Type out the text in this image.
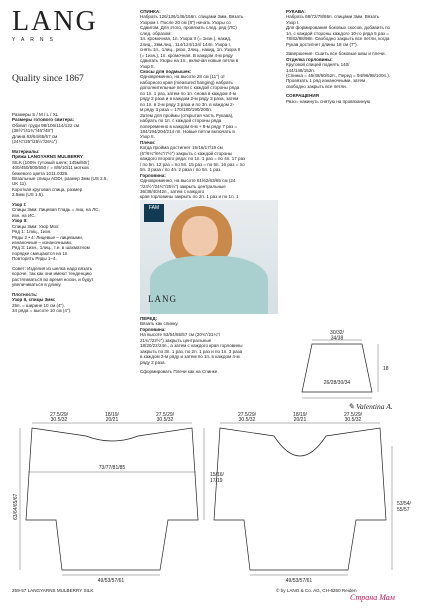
LANG
YARNS
Quality since 1867
Размеры S / M / L / XL
Размеры готового свитера:
Обхват груди 98/106/114/122 см
(38½"/41¾"/45"/48")
Длина 63/64/65/67 см
(24¾"/25"/25½"/26¼")
Материалы:
Пряжа LANGYARNS MULBERRY
SILK (100% тутовый шелк; 145м/50г)
400/450/500/550 г = 8/9/10/11 мотков
бежевого цвета 1011.0326.
Вязальные спицы ADDI, размер 3мм (US 2.5,
UK 11).
Короткая круговая спица, размер
2.5мм (US 1.5).
Узор I:
Спицы 3мм: Лицевая Гладь = лиц. на ЛС,
изн. на ИС.
Узор II:
Спицы 3мм: Узор Мох:
Ряд 1: 1лиц., 1изн.
Ряды 2 • 4: Лицевые – лицевыми,
изнаночные – изнаночными.
Ряд 3: 1изн., 1лиц., т.е. в шахматном
порядке смещаются на 1п.
Повторять Ряды 1–4.
Совет: Изделия из шелка надо вязать
короче, так как они имеют тенденцию
растягиваться во время носки, и будут
увеличиваться в длину.
Плотность:
Узор II, спицы 3мм:
25п. = ширине 10 см (4").
34 ряда = высоте 10 см (4").
СПИНКА:
Набрать 126/136/146/156п. спицами 3мм. Вязать
Узором I. После 20 см (8") начать Узоры со
Сдвигом. Для этого, провязать след. ряд (ЛС)
след. образом:
1п. кромочная, 1п. Узора II (= 1изн.), накид,
2лиц., 2вм.лиц., 114/124/134/ 144п. Узора I,
снять 1п., 1лиц., рвзо, 2лиц., накид, 1п. Узора II
(= 1изн.), 1п. кромочная. В каждом 4-м ряду
сдвигать Узоры на 1п., включая новые петли в
Узор II.
Скосы для подмышек:
Одновременно, на высоте 28 см (11") от
наборного края (measured hanging) набрать
дополнительные петли с каждой стороны ряда
по 1п. 1 раз, затем по 1п. снова в каждом 4-м
ряду 2 раза и в каждом 2-м ряду 3 раза, затем
по 1п. в 2-м ряду 3 раза и по 3п. в каждом 2-
м ряду 3 раза = 170/180/190/200п.
Затем для проймы (открытая часть Рукава),
набрать по 1п. с каждой стороны ряда
попеременно в каждом 6-м + 8-м ряду 7 раз =
184/194/204/214 пп. Новые петли включать в
Узор II.
Плечи:
Когда пройма достигнет 15/16/17/19 см
(6"/6¼"/6¾"/7½") закрыть с каждой стороны
каждого второго ряда: по 1п. 1 раз = по 4п. 17 раз
/ по 5п. 12 раз = по 5п. 15 раз = по 5п. 16 раз = по
5п. 3 раза / по 4п. 2 раза / по 5п. 1 раз.
Горловина:
Одновременно, на высоте 61/62/63/65 см (24
"/24½"/24¾"/25½") закрыть центральные
36/38/40/42п., затем с каждого
края горловины закрыть по 2п. 1 раз и по 1п. 1
ПЕРЕД:
Вязать как спинку.
Горловина:
На высоте 53/54/55/57 см (20¾"/21¼"/
21¾"/22½") закрыть центральные
18/20/22/24п., а затем с каждого края горловины
закрыть по 3п. 1 раз, по 2п. 1 раз и по 1п. 3 раза
в каждом 2-м ряду и затем по 1п. в каждом 4-м
ряду 2 раза.
Сформировать Плечи как на Спинке.
РУКАВА:
Набрать 68/72/78/86п. спицами 3мм. Вязать
Узор I.
Для формирования боковых скосов, добавить по
1п. с каждой стороны каждого 10-го ряда 5 раз =
78/82/88/98п. Свободно закрыть все петли, когда
Рукав достигнет длины 18 см (7").
Завершение: Сшить все боковые швы и плечи.
Отделка горловины:
Круговой спицей поднять 140/
144/148/152п.
(Спинка = 46/48/50/52п., Перед = 94/96/98/100п.).
Провязать 1 ряд изнаночными, затем
свободно закрыть все петли.
СОКРАЩЕНИЯ
Рвзо= накинуть снятую на провязанную
FAM
LANG
✎ Valentina A.
30/32/
34/38
26/28/30/34
18
27.5/29/
30.5/32
18/19/
20/21
27.5/29/
30.5/32
73/77/81/85
49/53/57/61
15/16/
17/19
63/64/65/67
27.5/29/
30.5/32
18/19/
20/21
27.5/29/
30.5/32
49/53/57/61
53/54/
55/57
259-57 LANGYARNS MULBERRY SILK	© by LANG & Co. AG, CH-6260 Reiden
Страна Мам
